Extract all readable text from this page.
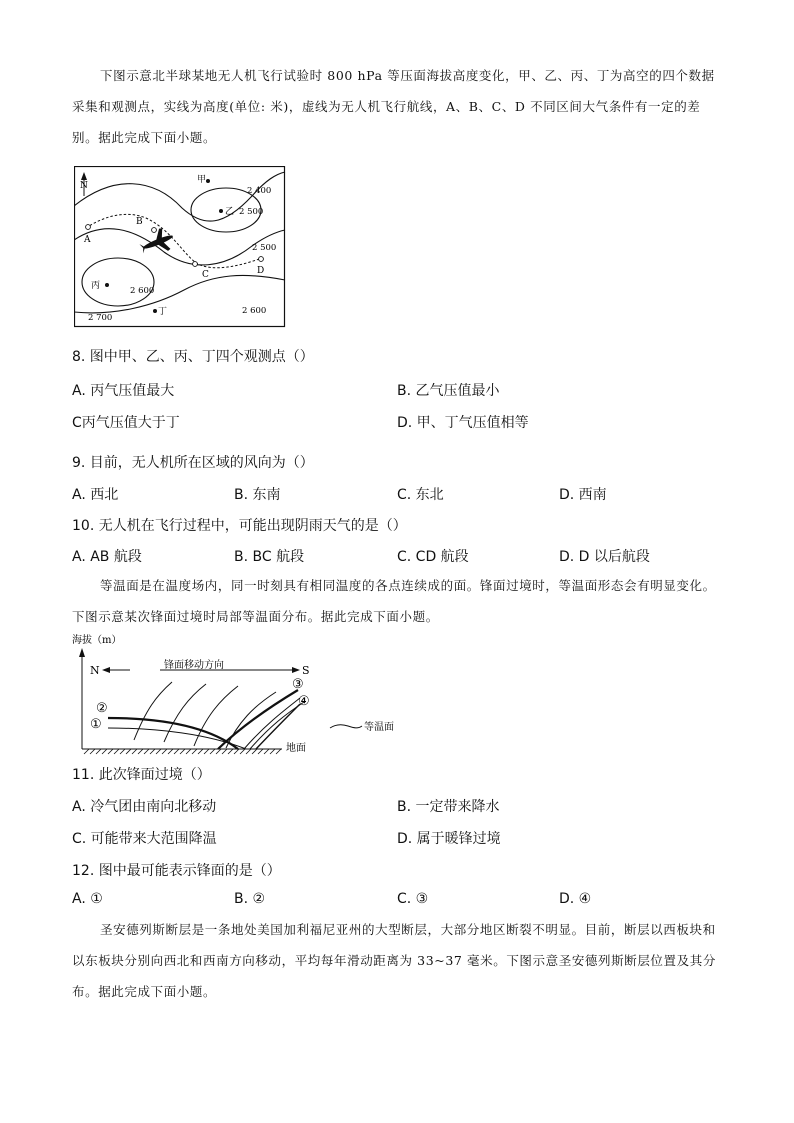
下图示意北半球某地无人机飞行试验时 800 hPa 等压面海拔高度变化，甲、乙、丙、丁为高空的四个数据采集和观测点，实线为高度(单位: 米)，虚线为无人机飞行航线，A、B、C、D 不同区间大气条件有一定的差别。据此完成下面小题。
N
甲
乙
丙
丁
A
B
C	D
2 400
2 500
2 500
2 600
2 600
2 700
8. 图中甲、乙、丙、丁四个观测点（）
A. 丙气压值最大	B. 乙气压值最小
C丙气压值大于丁	D. 甲、丁气压值相等
9. 目前，无人机所在区域的风向为（）
A. 西北	B. 东南	C. 东北	D. 西南
10. 无人机在飞行过程中，可能出现阴雨天气的是（）
A. AB 航段	B. BC 航段	C. CD 航段	D. D 以后航段
等温面是在温度场内，同一时刻具有相同温度的各点连续成的面。锋面过境时，等温面形态会有明显变化。下图示意某次锋面过境时局部等温面分布。据此完成下面小题。
海拔（m）
地面
N	锋面移动方向	S
②
①
③
④
等温面
11. 此次锋面过境（）
A. 冷气团由南向北移动	B. 一定带来降水
C. 可能带来大范围降温	D. 属于暖锋过境
12. 图中最可能表示锋面的是（）
A. ①	B. ②	C. ③	D. ④
圣安德列斯断层是一条地处美国加利福尼亚州的大型断层，大部分地区断裂不明显。目前，断层以西板块和以东板块分别向西北和西南方向移动，平均每年滑动距离为 33~37 毫米。下图示意圣安德列斯断层位置及其分布。据此完成下面小题。
